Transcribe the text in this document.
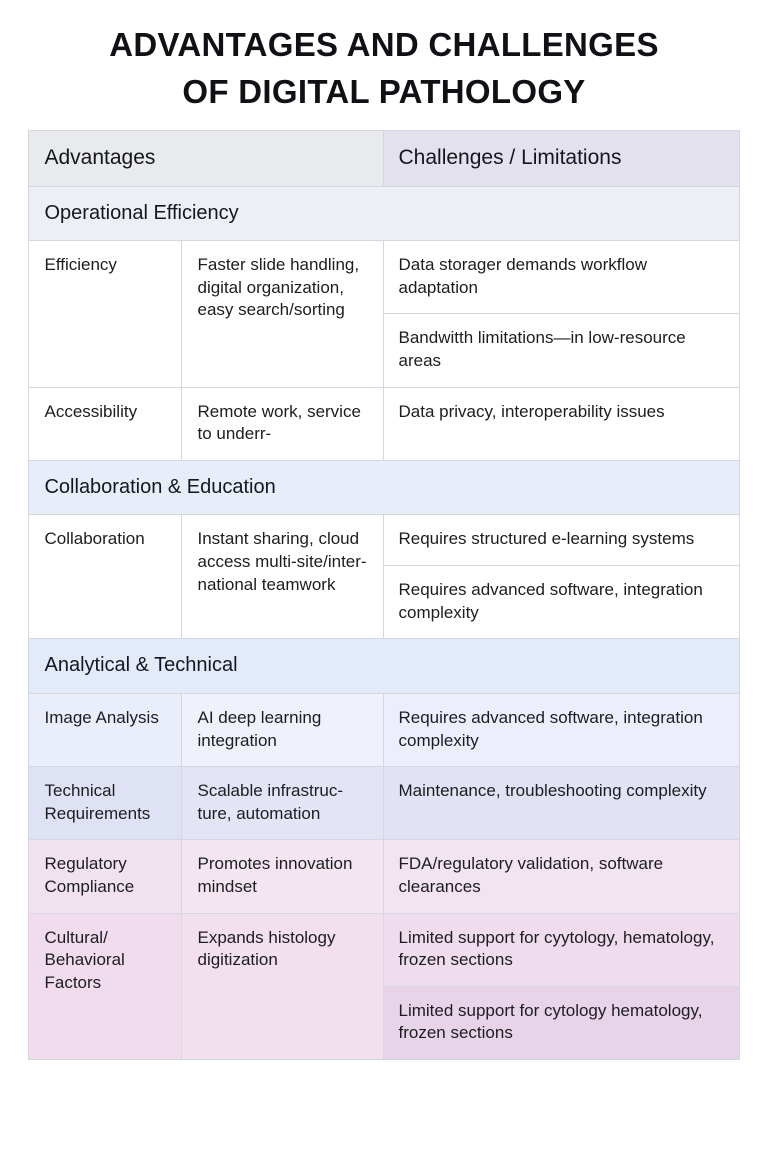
ADVANTAGES AND CHALLENGES
OF DIGITAL PATHOLOGY
Advantages		Challenges / Limitations
Operational Efficiency		
Efficiency	Faster slide handling, digital organization, easy search/sorting	Data storager demands workflow adaptation
		Bandwitth limitations—in low-resource areas
Accessibility	Remote work, service to underr-	Data privacy, interoperability issues
Collaboration & Education		
Collaboration	Instant sharing, cloud access multi-site/inter-national teamwork	Requires structured e-learning systems
		Requires advanced software, integration complexity
Analytical & Technical		
Image Analysis	AI deep learning integration	Requires advanced software, integration complexity
Technical Requirements	Scalable infrastruc-ture, automation	Maintenance, troubleshooting complexity
Regulatory Compliance	Promotes innovation mindset	FDA/regulatory validation, software clearances
Cultural/ Behavioral Factors	Expands histology digitization	Limited support for cyytology, hematology, frozen sections
		Limited support for cytology hematology, frozen sections
